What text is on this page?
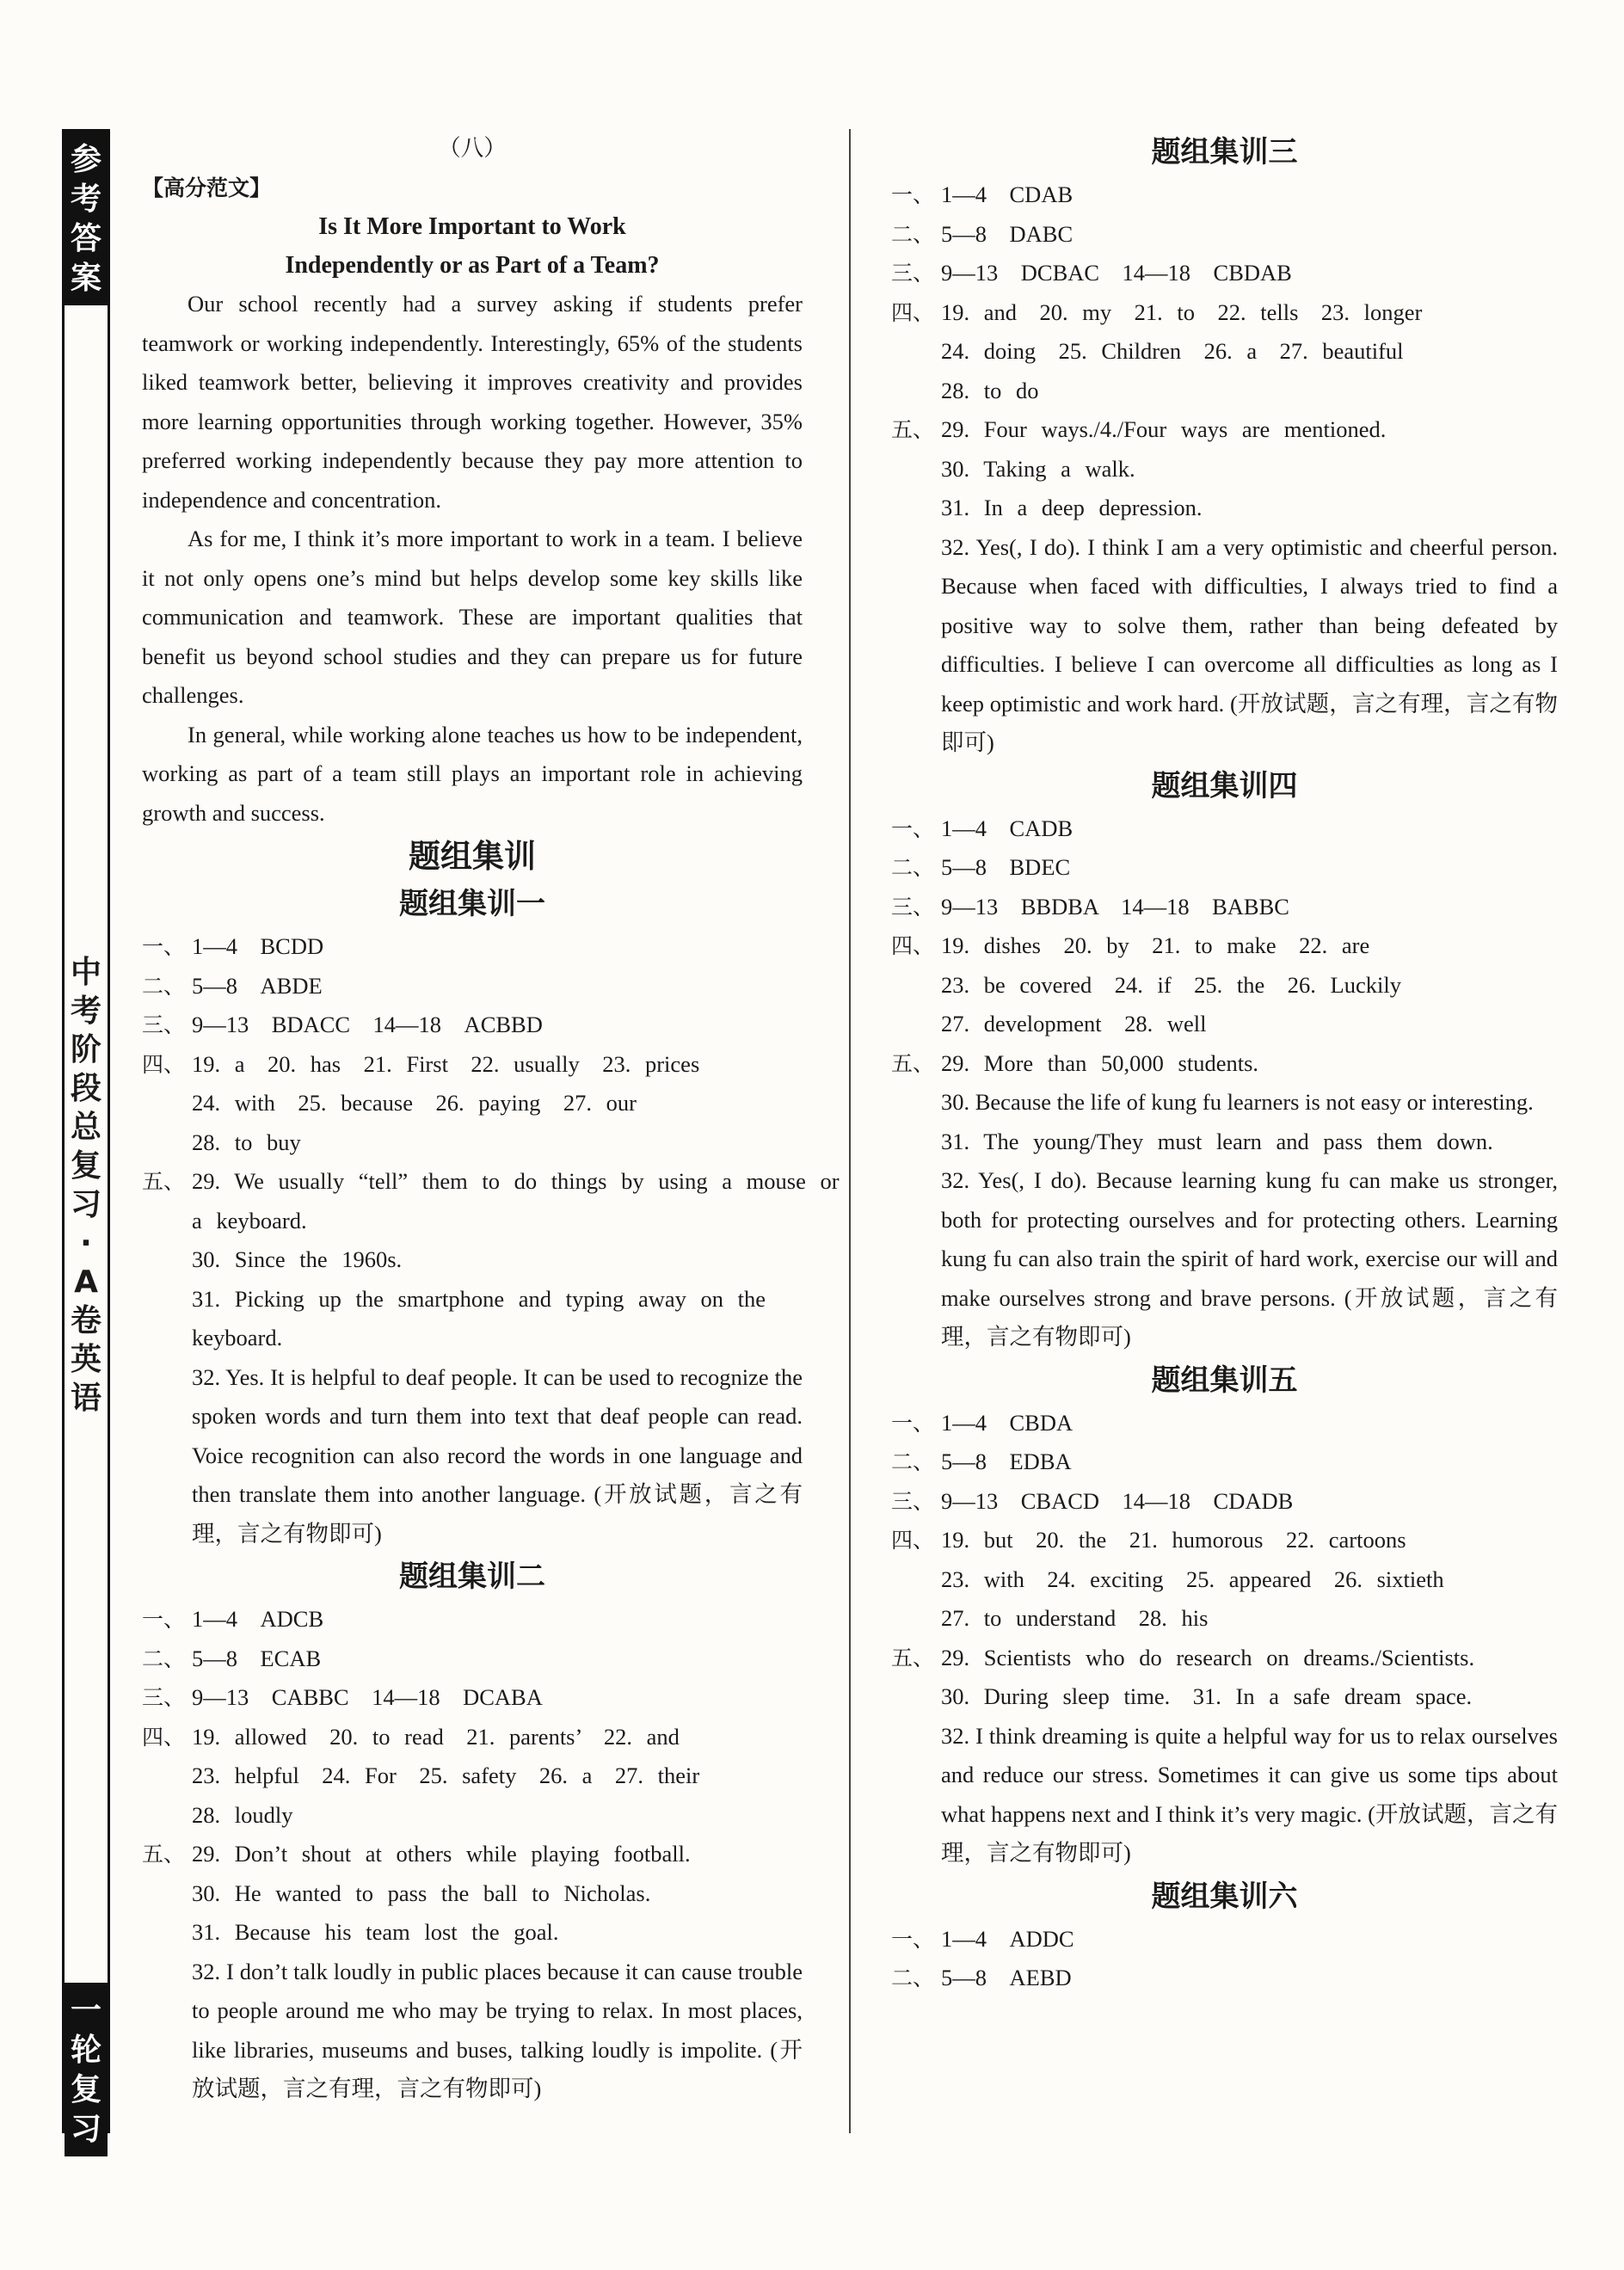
参
考
答
案
中
考
阶
段
总
复
习
·
A
卷
英
语
一
轮
复
习
（八）
【高分范文】
Is It More Important to Work
Independently or as Part of a Team?

Our school recently had a survey asking if students prefer teamwork or working independently. Interestingly, 65% of the students liked teamwork better, believing it improves creativity and provides more learning opportunities through working together. However, 35% preferred working independently because they pay more attention to independence and concentration.

As for me, I think it’s more important to work in a team. I believe it not only opens one’s mind but helps develop some key skills like communication and teamwork. These are important qualities that benefit us beyond school studies and they can prepare us for future challenges.

In general, while working alone teaches us how to be independent, working as part of a team still plays an important role in achieving growth and success.

题组集训
题组集训一
一、 1—4　BCDD
二、 5—8　ABDE
三、 9—13　BDACC　14—18　ACBBD
四、 19. a　20. has　21. First　22. usually　23. prices
24. with　25. because　26. paying　27. our
28. to buy
五、 29. We usually “tell” them to do things by using a mouse or
a keyboard.
30. Since the 1960s.
31. Picking up the smartphone and typing away on the
keyboard.
32. Yes. It is helpful to deaf people. It can be used to recognize the spoken words and turn them into text that deaf people can read. Voice recognition can also record the words in one language and then translate them into another language. (开放试题，言之有理，言之有物即可)
题组集训二
一、 1—4　ADCB
二、 5—8　ECAB
三、 9—13　CABBC　14—18　DCABA
四、 19. allowed　20. to read　21. parents’　22. and
23. helpful　24. For　25. safety　26. a　27. their
28. loudly
五、 29. Don’t shout at others while playing football.
30. He wanted to pass the ball to Nicholas.
31. Because his team lost the goal.
32. I don’t talk loudly in public places because it can cause trouble to people around me who may be trying to relax. In most places, like libraries, museums and buses, talking loudly is impolite. (开放试题，言之有理，言之有物即可)
题组集训三
一、 1—4　CDAB
二、 5—8　DABC
三、 9—13　DCBAC　14—18　CBDAB
四、 19. and　20. my　21. to　22. tells　23. longer
24. doing　25. Children　26. a　27. beautiful
28. to do
五、 29. Four ways./4./Four ways are mentioned.
30. Taking a walk.
31. In a deep depression.
32. Yes(, I do). I think I am a very optimistic and cheerful person. Because when faced with difficulties, I always tried to find a positive way to solve them, rather than being defeated by difficulties. I believe I can overcome all difficulties as long as I keep optimistic and work hard. (开放试题，言之有理，言之有物即可)
题组集训四
一、 1—4　CADB
二、 5—8　BDEC
三、 9—13　BBDBA　14—18　BABBC
四、 19. dishes　20. by　21. to make　22. are
23. be covered　24. if　25. the　26. Luckily
27. development　28. well
五、 29. More than 50,000 students.
30. Because the life of kung fu learners is not easy or interesting.
31. The young/They must learn and pass them down.
32. Yes(, I do). Because learning kung fu can make us stronger, both for protecting ourselves and for protecting others. Learning kung fu can also train the spirit of hard work, exercise our will and make ourselves strong and brave persons. (开放试题，言之有理，言之有物即可)
题组集训五
一、 1—4　CBDA
二、 5—8　EDBA
三、 9—13　CBACD　14—18　CDADB
四、 19. but　20. the　21. humorous　22. cartoons
23. with　24. exciting　25. appeared　26. sixtieth
27. to understand　28. his
五、 29. Scientists who do research on dreams./Scientists.
30. During sleep time.　31. In a safe dream space.
32. I think dreaming is quite a helpful way for us to relax ourselves and reduce our stress. Sometimes it can give us some tips about what happens next and I think it’s very magic. (开放试题，言之有理，言之有物即可)
题组集训六
一、 1—4　ADDC
二、 5—8　AEBD
